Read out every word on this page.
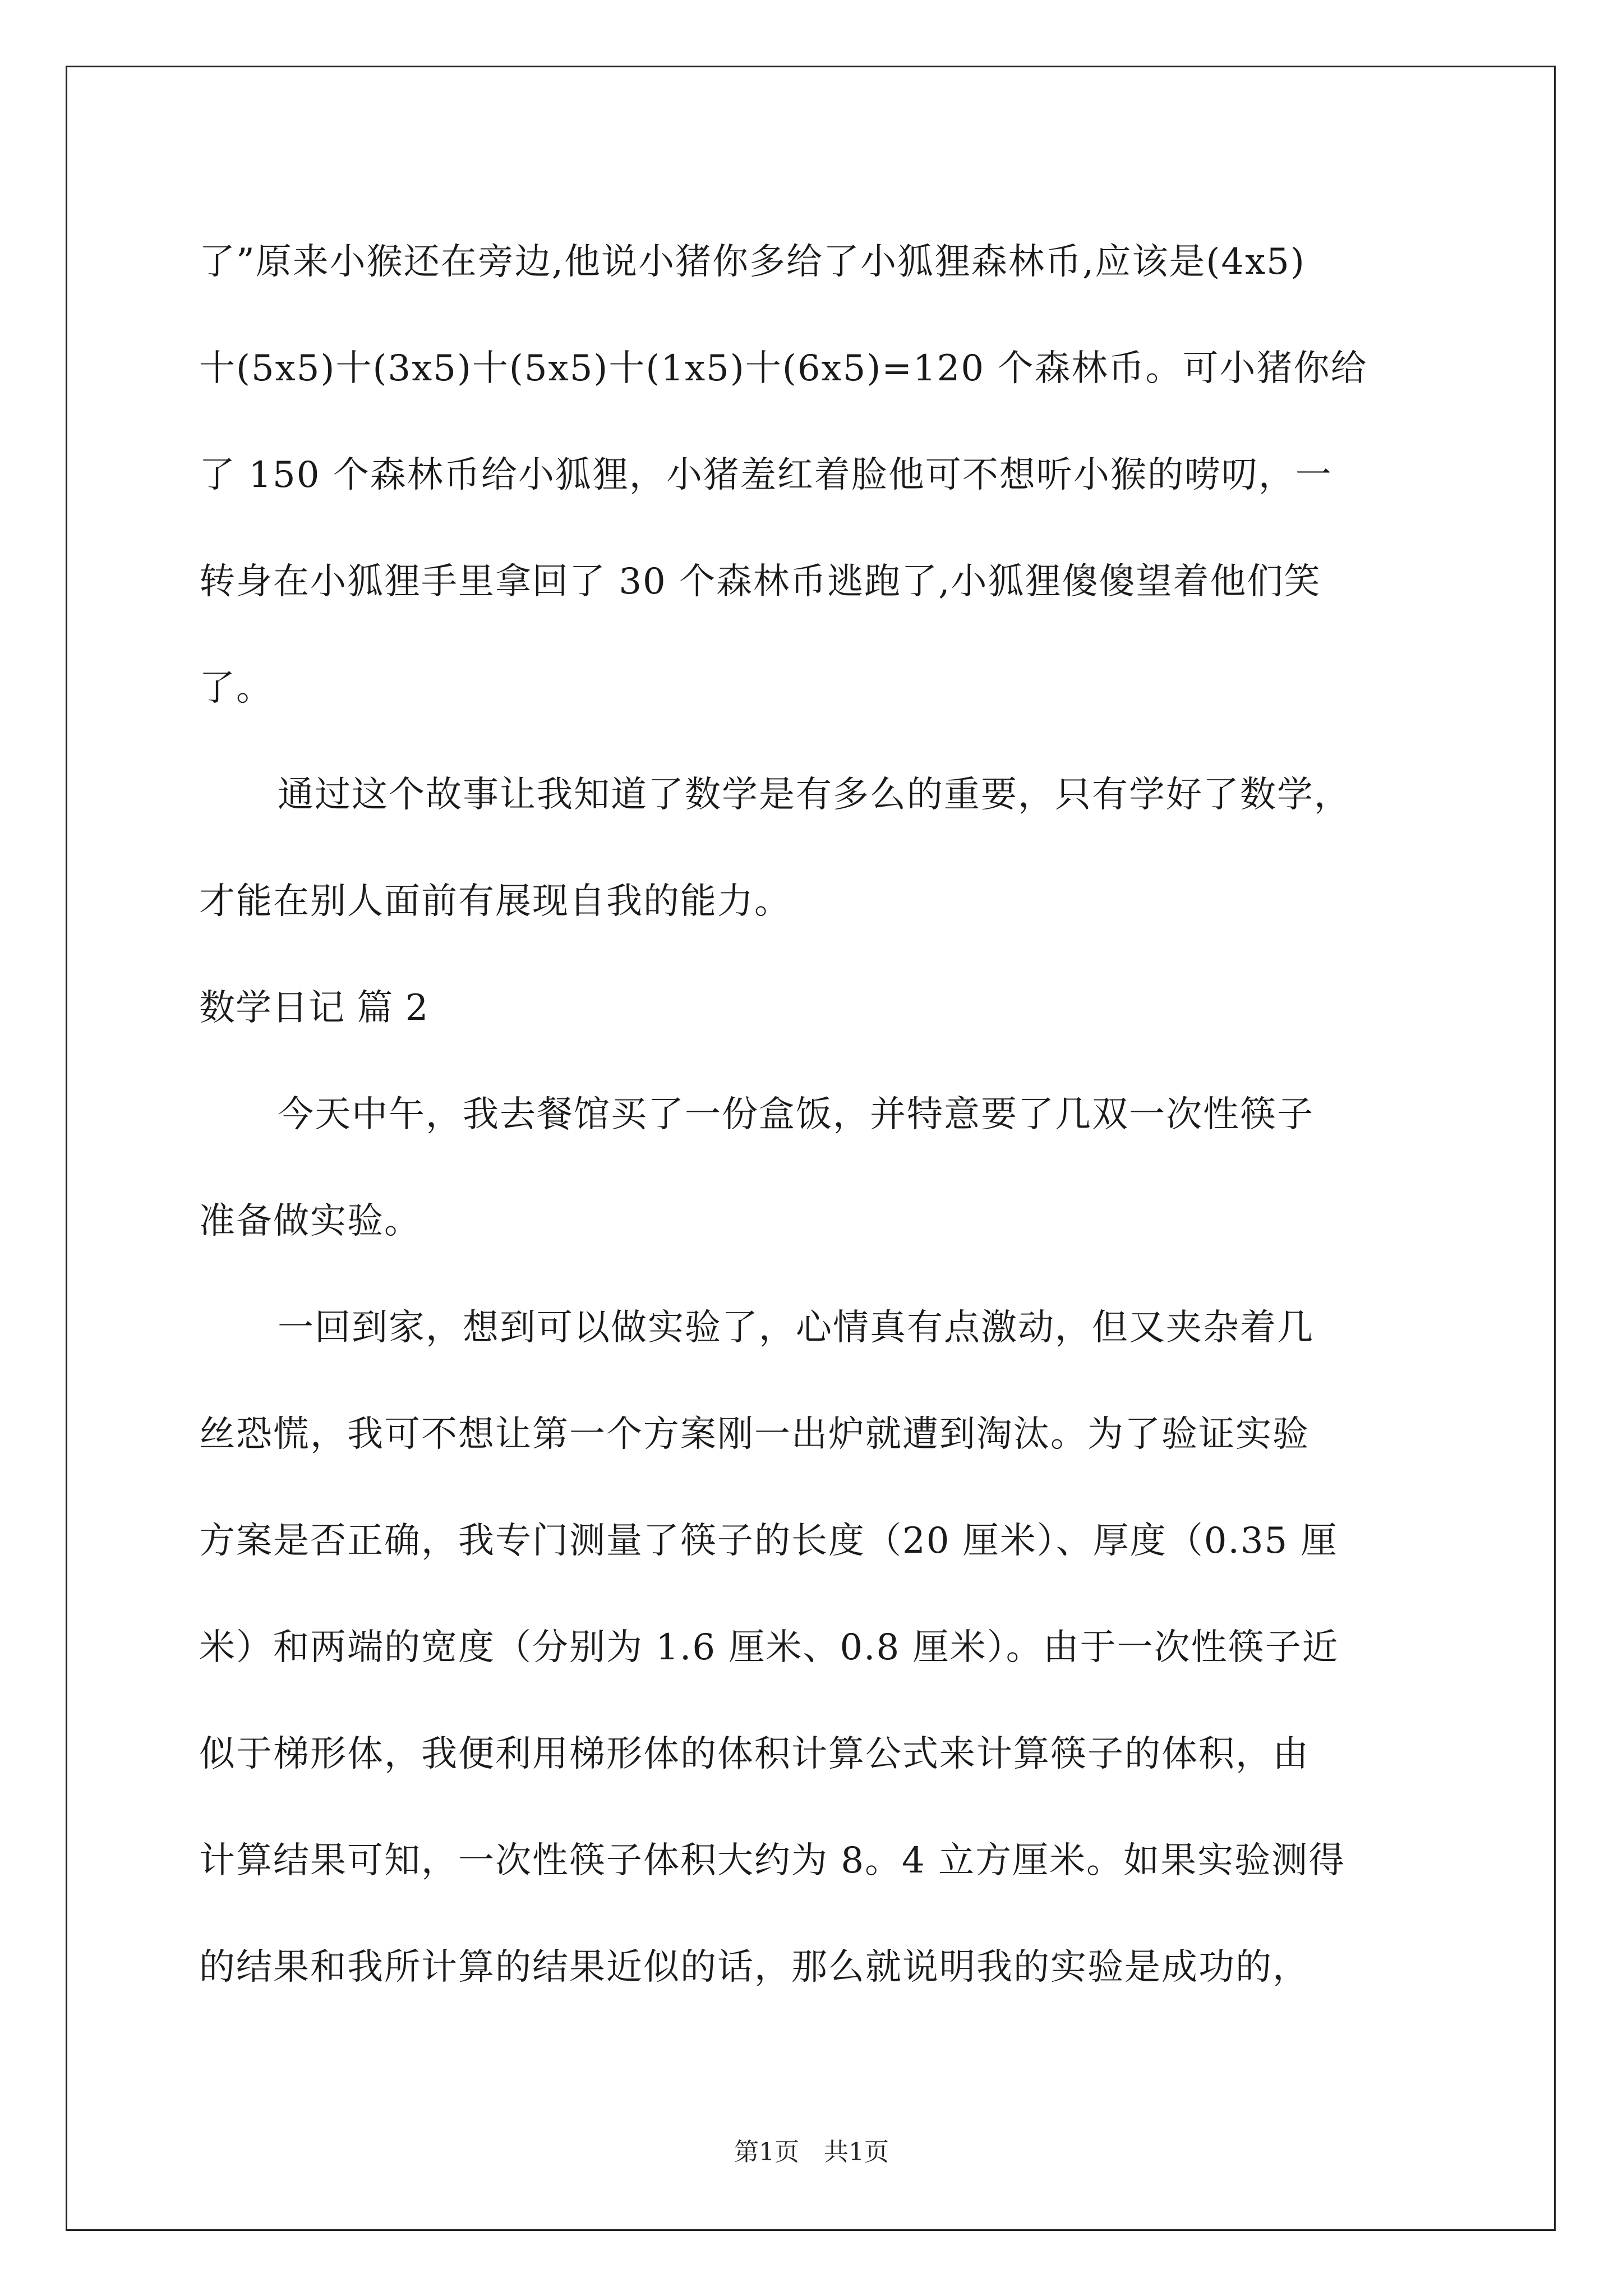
了”原来小猴还在旁边,他说小猪你多给了小狐狸森林币,应该是(4x5)
十(5x5)十(3x5)十(5x5)十(1x5)十(6x5)=120 个森林币。可小猪你给
了 150 个森林币给小狐狸，小猪羞红着脸他可不想听小猴的唠叨，一
转身在小狐狸手里拿回了 30 个森林币逃跑了,小狐狸傻傻望着他们笑
了。
通过这个故事让我知道了数学是有多么的重要，只有学好了数学，
才能在别人面前有展现自我的能力。
数学日记 篇 2
今天中午，我去餐馆买了一份盒饭，并特意要了几双一次性筷子
准备做实验。
一回到家，想到可以做实验了，心情真有点激动，但又夹杂着几
丝恐慌，我可不想让第一个方案刚一出炉就遭到淘汰。为了验证实验
方案是否正确，我专门测量了筷子的长度（20 厘米）、厚度（0.35 厘
米）和两端的宽度（分别为 1.6 厘米、0.8 厘米）。由于一次性筷子近
似于梯形体，我便利用梯形体的体积计算公式来计算筷子的体积，由
计算结果可知，一次性筷子体积大约为 8。4 立方厘米。如果实验测得
的结果和我所计算的结果近似的话，那么就说明我的实验是成功的，
第1页　共1页
